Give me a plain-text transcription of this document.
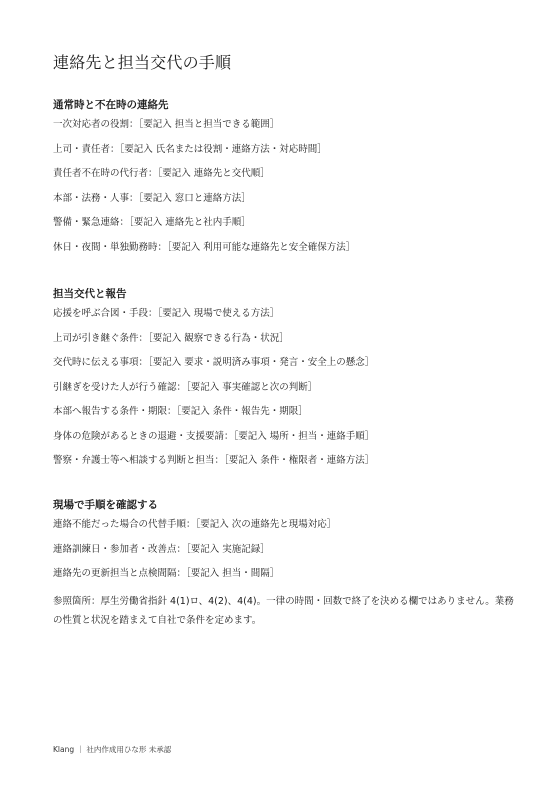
連絡先と担当交代の手順
通常時と不在時の連絡先
一次対応者の役割：［要記入 担当と担当できる範囲］
上司・責任者：［要記入 氏名または役割・連絡方法・対応時間］
責任者不在時の代行者：［要記入 連絡先と交代順］
本部・法務・人事：［要記入 窓口と連絡方法］
警備・緊急連絡：［要記入 連絡先と社内手順］
休日・夜間・単独勤務時：［要記入 利用可能な連絡先と安全確保方法］
担当交代と報告
応援を呼ぶ合図・手段：［要記入 現場で使える方法］
上司が引き継ぐ条件：［要記入 観察できる行為・状況］
交代時に伝える事項：［要記入 要求・説明済み事項・発言・安全上の懸念］
引継ぎを受けた人が行う確認：［要記入 事実確認と次の判断］
本部へ報告する条件・期限：［要記入 条件・報告先・期限］
身体の危険があるときの退避・支援要請：［要記入 場所・担当・連絡手順］
警察・弁護士等へ相談する判断と担当：［要記入 条件・権限者・連絡方法］
現場で手順を確認する
連絡不能だった場合の代替手順：［要記入 次の連絡先と現場対応］
連絡訓練日・参加者・改善点：［要記入 実施記録］
連絡先の更新担当と点検間隔：［要記入 担当・間隔］

参照箇所：厚生労働省指針 4(1)ロ、4(2)、4(4)。一律の時間・回数で終了を決める欄ではありません。業務の性質と状況を踏まえて自社で条件を定めます。

Klang ｜ 社内作成用ひな形 未承認
